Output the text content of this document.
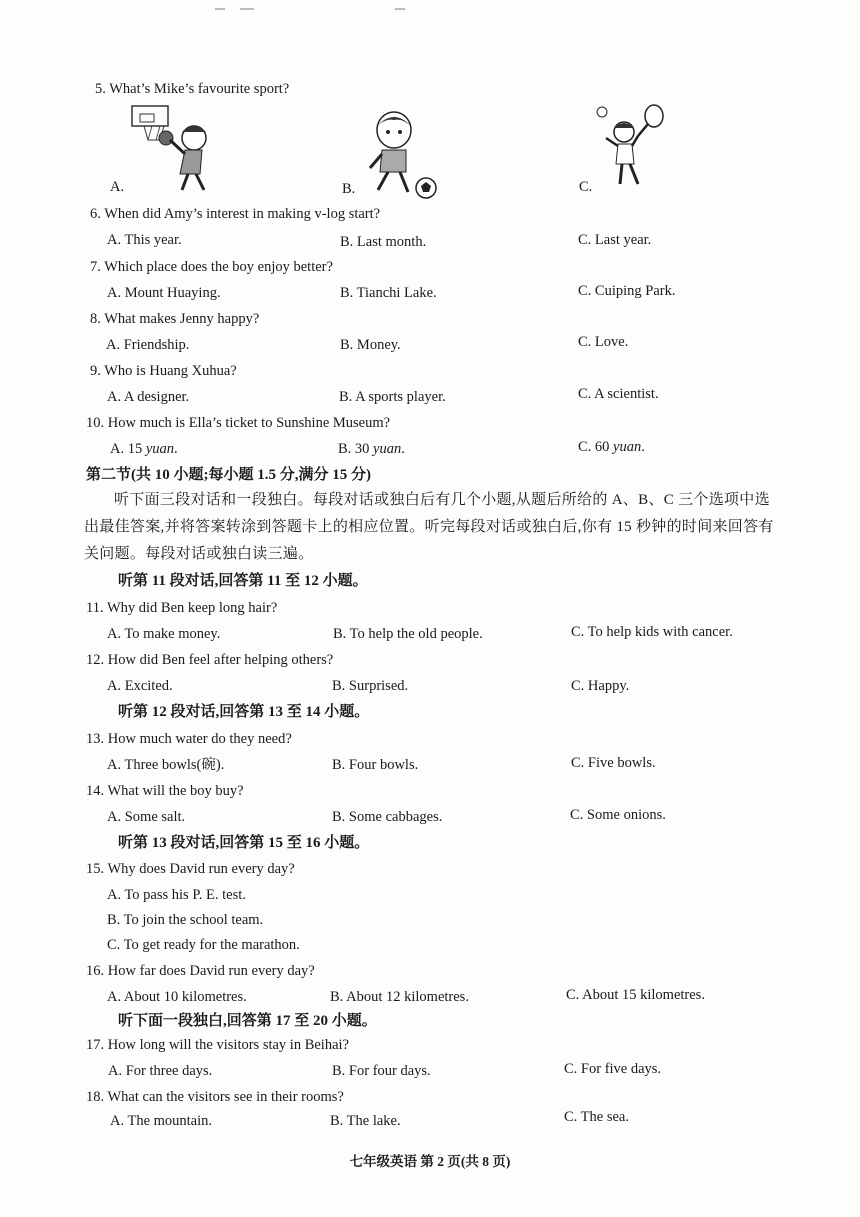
5. What’s Mike’s favourite sport?
A.	B.	C.
6. When did Amy’s interest in making v-log start?
A. This year.	B. Last month.	C. Last year.
7. Which place does the boy enjoy better?
A. Mount Huaying.	B. Tianchi Lake.	C. Cuiping Park.
8. What makes Jenny happy?
A. Friendship.	B. Money.	C. Love.
9. Who is Huang Xuhua?
A. A designer.	B. A sports player.	C. A scientist.
10. How much is Ella’s ticket to Sunshine Museum?
A. 15 yuan.	B. 30 yuan.	C. 60 yuan.
第二节(共 10 小题;每小题 1.5 分,满分 15 分)
听下面三段对话和一段独白。每段对话或独白后有几个小题,从题后所给的 A、B、C 三个选项中选出最佳答案,并将答案转涂到答题卡上的相应位置。听完每段对话或独白后,你有 15 秒钟的时间来回答有关问题。每段对话或独白读三遍。
听第 11 段对话,回答第 11 至 12 小题。
11. Why did Ben keep long hair?
A. To make money.	B. To help the old people.	C. To help kids with cancer.
12. How did Ben feel after helping others?
A. Excited.	B. Surprised.	C. Happy.
听第 12 段对话,回答第 13 至 14 小题。
13. How much water do they need?
A. Three bowls(碗).	B. Four bowls.	C. Five bowls.
14. What will the boy buy?
A. Some salt.	B. Some cabbages.	C. Some onions.
听第 13 段对话,回答第 15 至 16 小题。
15. Why does David run every day?
A. To pass his P. E. test.
B. To join the school team.
C. To get ready for the marathon.
16. How far does David run every day?
A. About 10 kilometres.	B. About 12 kilometres.	C. About 15 kilometres.
听下面一段独白,回答第 17 至 20 小题。
17. How long will the visitors stay in Beihai?
A. For three days.	B. For four days.	C. For five days.
18. What can the visitors see in their rooms?
A. The mountain.	B. The lake.	C. The sea.
七年级英语 第 2 页(共 8 页)
